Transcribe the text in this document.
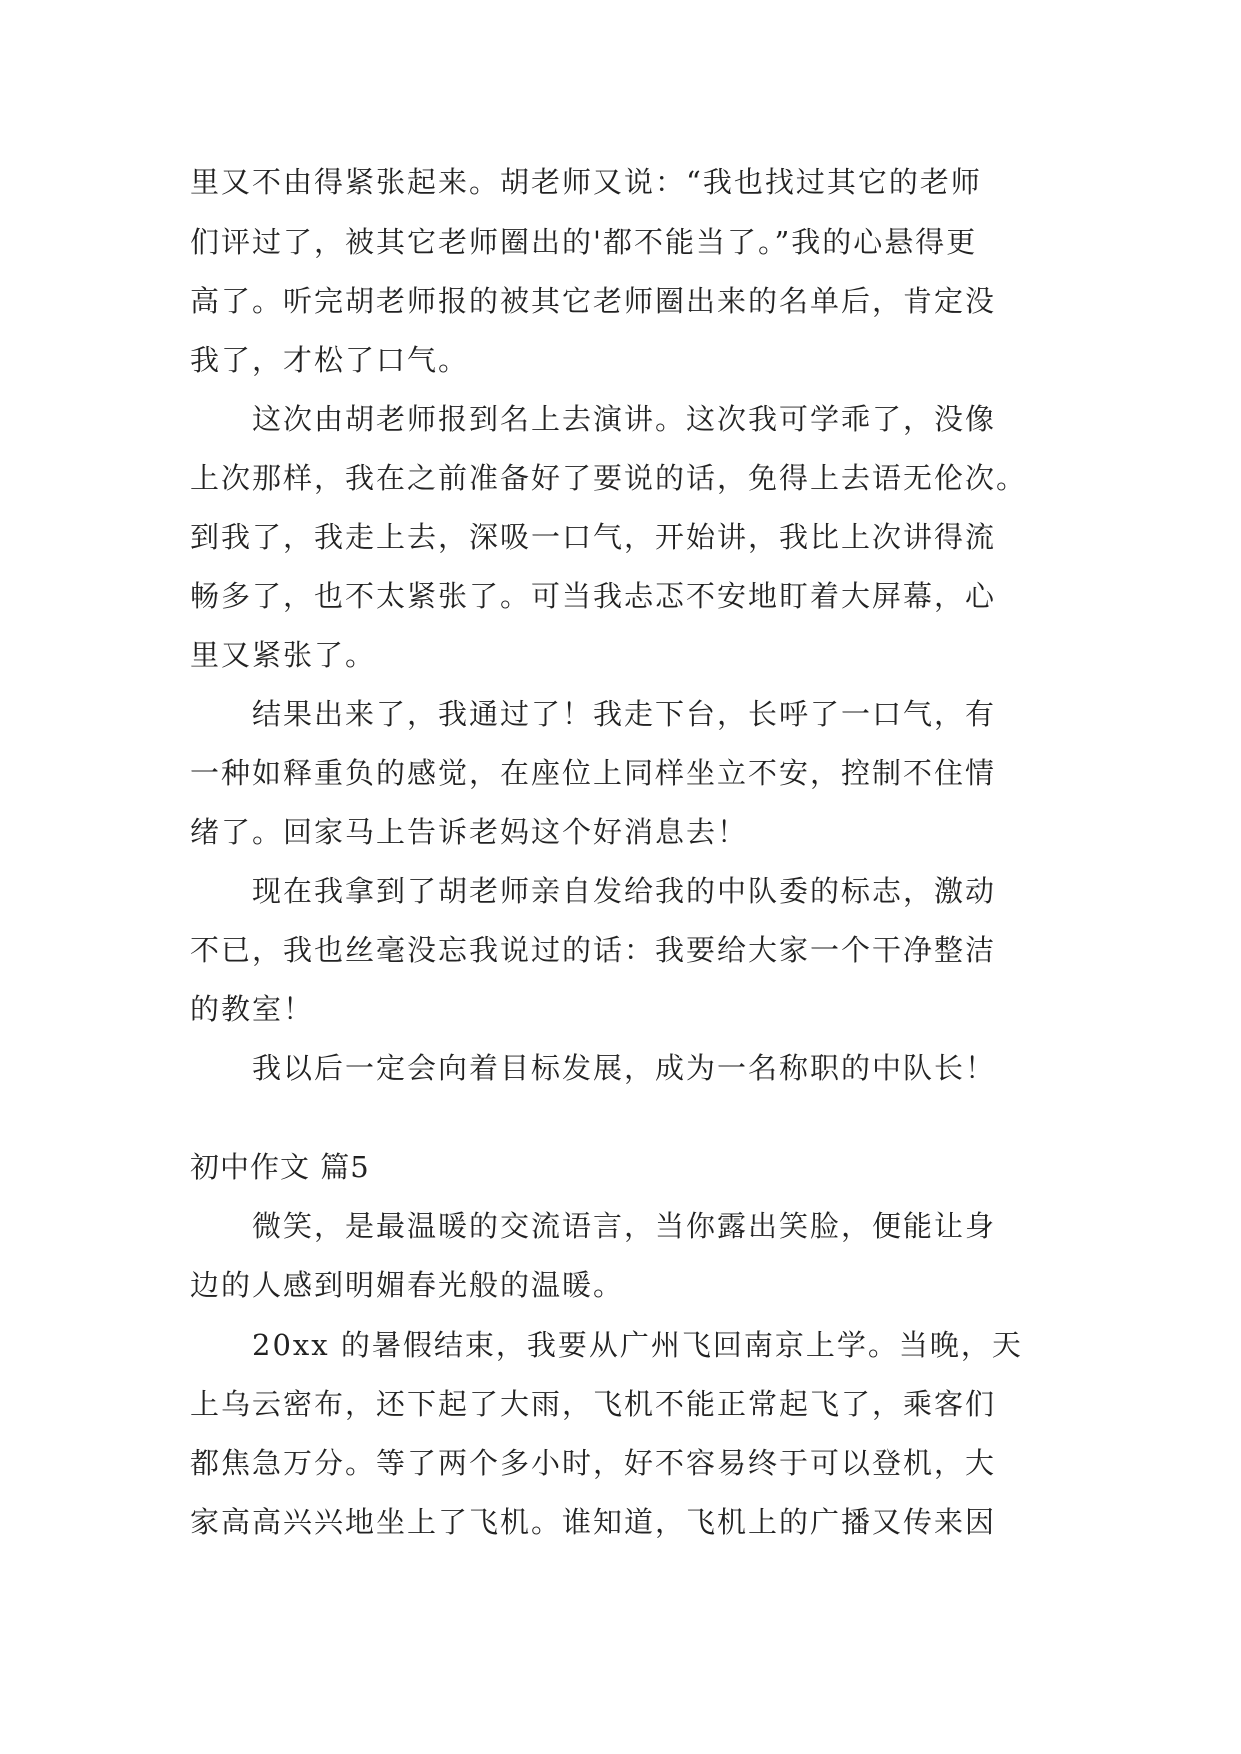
里又不由得紧张起来。胡老师又说：“我也找过其它的老师
们评过了，被其它老师圈出的'都不能当了。”我的心悬得更
高了。听完胡老师报的被其它老师圈出来的名单后，肯定没
我了，才松了口气。
这次由胡老师报到名上去演讲。这次我可学乖了，没像
上次那样，我在之前准备好了要说的话，免得上去语无伦次。
到我了，我走上去，深吸一口气，开始讲，我比上次讲得流
畅多了，也不太紧张了。可当我忐忑不安地盯着大屏幕，心
里又紧张了。
结果出来了，我通过了！我走下台，长呼了一口气，有
一种如释重负的感觉，在座位上同样坐立不安，控制不住情
绪了。回家马上告诉老妈这个好消息去！
现在我拿到了胡老师亲自发给我的中队委的标志，激动
不已，我也丝毫没忘我说过的话：我要给大家一个干净整洁
的教室！
我以后一定会向着目标发展，成为一名称职的中队长！
初中作文 篇5
微笑，是最温暖的交流语言，当你露出笑脸，便能让身
边的人感到明媚春光般的温暖。
20xx 的暑假结束，我要从广州飞回南京上学。当晚，天
上乌云密布，还下起了大雨，飞机不能正常起飞了，乘客们
都焦急万分。等了两个多小时，好不容易终于可以登机，大
家高高兴兴地坐上了飞机。谁知道，飞机上的广播又传来因
